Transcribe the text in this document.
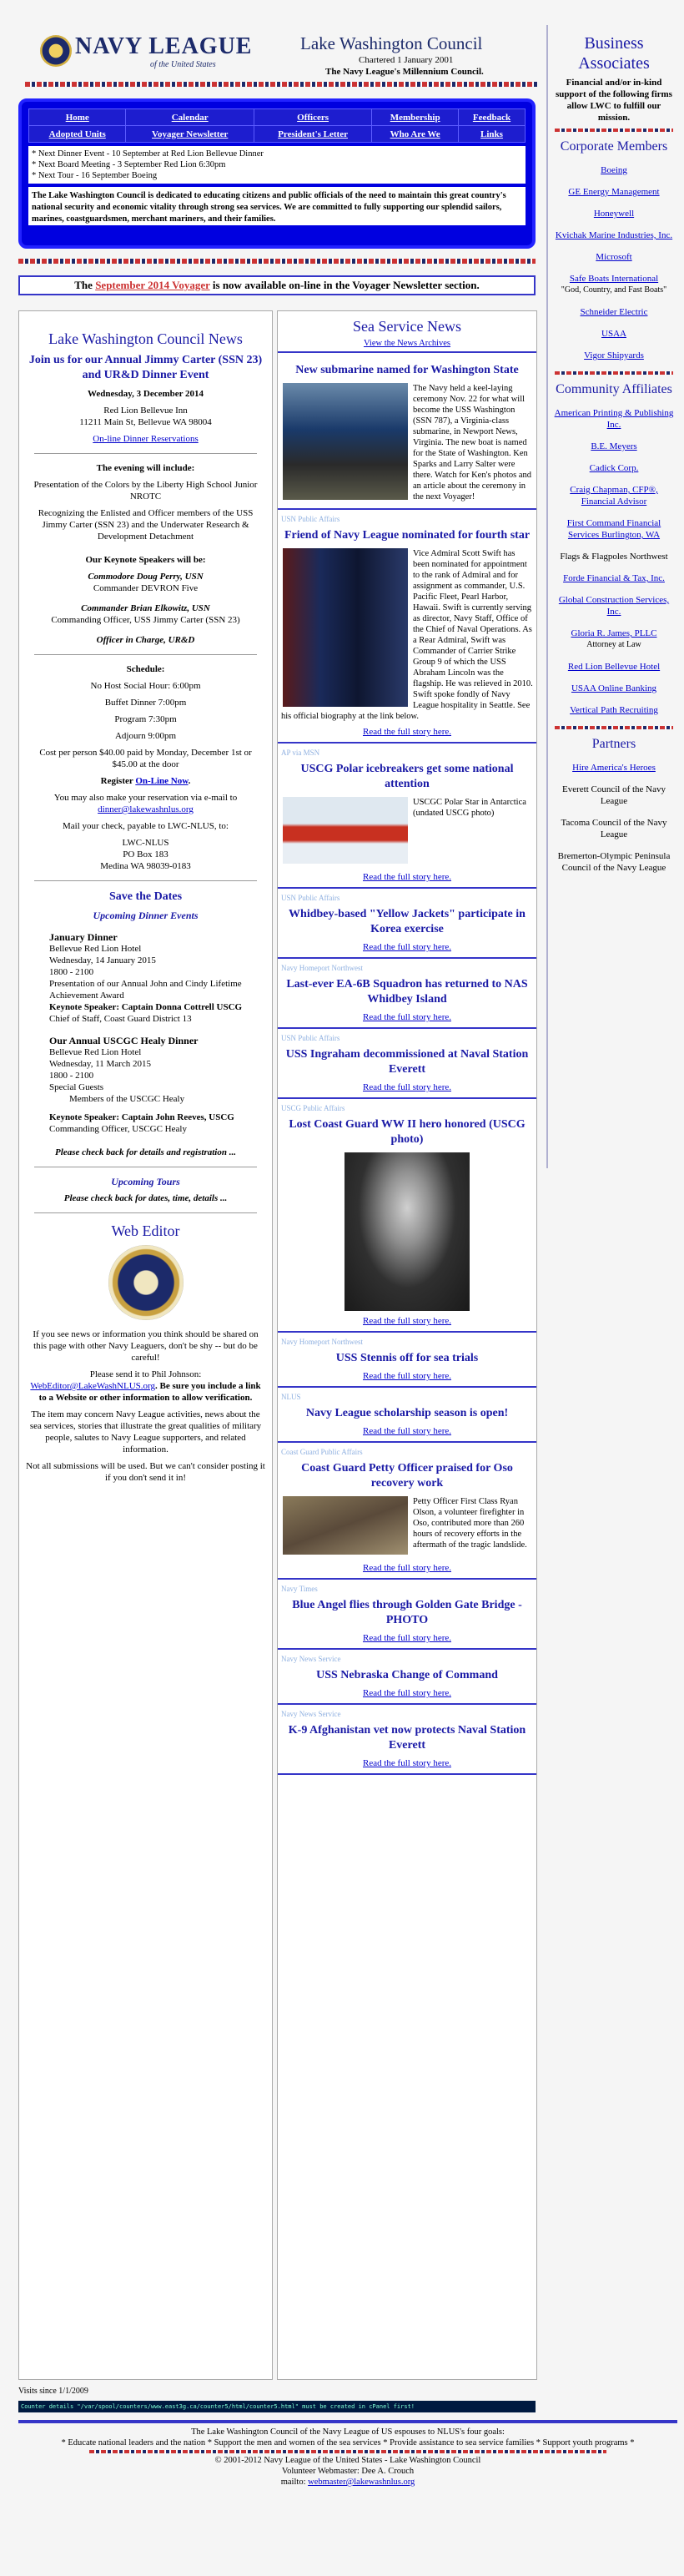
NAVY LEAGUE
of the United States
Lake Washington Council
Chartered 1 January 2001
The Navy League's Millennium Council.
Home	Calendar	Officers	Membership	Feedback
Adopted Units	Voyager Newsletter	President's Letter	Who Are We	Links
* Next Dinner Event - 10 September at Red Lion Bellevue Dinner
* Next Board Meeting - 3 September Red Lion 6:30pm
* Next Tour - 16 September Boeing
The Lake Washington Council is dedicated to educating citizens and public officials of the need to maintain this great country's national security and economic vitality through strong sea services. We are committed to fully supporting our splendid sailors, marines, coastguardsmen, merchant mariners, and their families.
The September 2014 Voyager is now available on-line in the Voyager Newsletter section.
Lake Washington Council News
Join us for our Annual Jimmy Carter (SSN 23) and UR&D Dinner Event

Wednesday, 3 December 2014

Red Lion Bellevue Inn
11211 Main St, Bellevue WA 98004

On-line Dinner Reservations

The evening will include:

Presentation of the Colors by the Liberty High School Junior NROTC

Recognizing the Enlisted and Officer members of the USS Jimmy Carter (SSN 23) and the Underwater Research & Development Detachment

Our Keynote Speakers will be:

Commodore Doug Perry, USN
Commander DEVRON Five
Commander Brian Elkowitz, USN
Commanding Officer, USS Jimmy Carter (SSN 23)
Officer in Charge, UR&D

Schedule:

No Host Social Hour: 6:00pm

Buffet Dinner 7:00pm

Program 7:30pm

Adjourn 9:00pm

Cost per person $40.00 paid by Monday, December 1st or $45.00 at the door

Register On-Line Now.

You may also make your reservation via e-mail to
dinner@lakewashnlus.org

Mail your check, payable to LWC-NLUS, to:

LWC-NLUS
PO Box 183
Medina WA 98039-0183
Save the Dates

Upcoming Dinner Events

January Dinner
Bellevue Red Lion Hotel
Wednesday, 14 January 2015
1800 - 2100
Presentation of our Annual John and Cindy Lifetime Achievement Award
Keynote Speaker: Captain Donna Cottrell USCG
Chief of Staff, Coast Guard District 13
Our Annual USCGC Healy Dinner
Bellevue Red Lion Hotel
Wednesday, 11 March 2015
1800 - 2100
Special Guests
Members of the USCGC Healy
Keynote Speaker: Captain John Reeves, USCG
Commanding Officer, USCGC Healy

Please check back for details and registration ...

Upcoming Tours

Please check back for dates, time, details ...

Web Editor

If you see news or information you think should be shared on this page with other Navy Leaguers, don't be shy -- but do be careful!

Please send it to Phil Johnson:
WebEditor@LakeWashNLUS.org. Be sure you include a link to a Website or other information to allow verification.

The item may concern Navy League activities, news about the sea services, stories that illustrate the great qualities of military people, salutes to Navy League supporters, and related information.

Not all submissions will be used. But we can't consider posting it if you don't send it in!

Sea Service News
View the News Archives
New submarine named for Washington State
The Navy held a keel-laying ceremony Nov. 22 for what will become the USS Washington (SSN 787), a Virginia-class submarine, in Newport News, Virginia. The new boat is named for the State of Washington. Ken Sparks and Larry Salter were there. Watch for Ken's photos and an article about the ceremony in the next Voyager!
USN Public Affairs
Friend of Navy League nominated for fourth star
Vice Admiral Scott Swift has been nominated for appointment to the rank of Admiral and for assignment as commander, U.S. Pacific Fleet, Pearl Harbor, Hawaii. Swift is currently serving as director, Navy Staff, Office of the Chief of Naval Operations. As a Rear Admiral, Swift was Commander of Carrier Strike Group 9 of which the USS Abraham Lincoln was the flagship. He was relieved in 2010. Swift spoke fondly of Navy League hospitality in Seattle. See his official biography at the link below.
Read the full story here.
AP via MSN
USCG Polar icebreakers get some national attention
USCGC Polar Star in Antarctica (undated USCG photo)
Read the full story here.
USN Public Affairs
Whidbey-based "Yellow Jackets" participate in Korea exercise
Read the full story here.
Navy Homeport Northwest
Last-ever EA-6B Squadron has returned to NAS Whidbey Island
Read the full story here.
USN Public Affairs
USS Ingraham decommissioned at Naval Station Everett
Read the full story here.
USCG Public Affairs
Lost Coast Guard WW II hero honored (USCG photo)
Read the full story here.
Navy Homeport Northwest
USS Stennis off for sea trials
Read the full story here.
NLUS
Navy League scholarship season is open!
Read the full story here.
Coast Guard Public Affairs
Coast Guard Petty Officer praised for Oso recovery work
Petty Officer First Class Ryan Olson, a volunteer firefighter in Oso, contributed more than 260 hours of recovery efforts in the aftermath of the tragic landslide.
Read the full story here.
Navy Times
Blue Angel flies through Golden Gate Bridge - PHOTO
Read the full story here.
Navy News Service
USS Nebraska Change of Command
Read the full story here.
Navy News Service
K-9 Afghanistan vet now protects Naval Station Everett
Read the full story here.
Business Associates
Financial and/or in-kind support of the following firms allow LWC to fulfill our mission.
Corporate Members
Boeing
GE Energy Management
Honeywell
Kvichak Marine Industries, Inc.
Microsoft
Safe Boats International
"God, Country, and Fast Boats"
Schneider Electric
USAA
Vigor Shipyards
Community Affiliates
American Printing & Publishing Inc.
B.E. Meyers
Cadick Corp.
Craig Chapman, CFP®, Financial Advisor
First Command Financial Services Burlington, WA
Flags & Flagpoles Northwest
Forde Financial & Tax, Inc.
Global Construction Services, Inc.
Gloria R. James, PLLC
Attorney at Law
Red Lion Bellevue Hotel
USAA Online Banking
Vertical Path Recruiting
Partners
Hire America's Heroes
Everett Council of the Navy League
Tacoma Council of the Navy League
Bremerton-Olympic Peninsula Council of the Navy League
Visits since 1/1/2009
Counter details "/var/spool/counters/www.east3g.ca/counter5/html/counter5.html" must be created in cPanel first!
The Lake Washington Council of the Navy League of US espouses to NLUS's four goals:
* Educate national leaders and the nation * Support the men and women of the sea services * Provide assistance to sea service families * Support youth programs *
© 2001-2012 Navy League of the United States - Lake Washington Council
Volunteer Webmaster: Dee A. Crouch
mailto: webmaster@lakewashnlus.org
